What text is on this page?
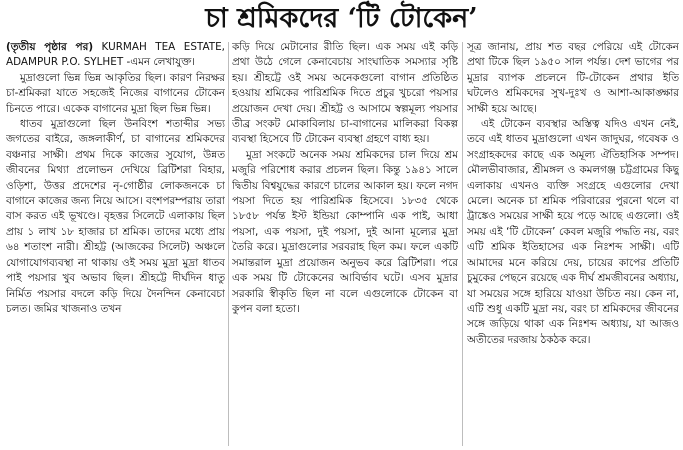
চা শ্রমিকদের ‘টি টোকেন’

(তৃতীয় পৃষ্ঠার পর) KURMAH TEA ESTATE, ADAMPUR P.O. SYLHET -এমন লেখাযুক্ত।

মুদ্রাগুলো ভিন্ন ভিন্ন আকৃতির ছিল। কারণ নিরক্ষর চা-শ্রমিকরা যাতে সহজেই নিজের বাগানের টোকেন চিনতে পারে। একেক বাগানের মুদ্রা ছিল ভিন্ন ভিন্ন।

ধাতব মুদ্রাগুলো ছিল উনবিংশ শতাব্দীর সভ্য জগতের বাইরে, জঙ্গলাকীর্ণ, চা বাগানের শ্রমিকদের বঞ্চনার সাক্ষী। প্রথম দিকে কাজের সুযোগ, উন্নত জীবনের মিথ্যা প্রলোভন দেখিয়ে ব্রিটিশরা বিহার, ওড়িশা, উত্তর প্রদেশের নৃ-গোষ্ঠীর লোকজনকে চা বাগানে কাজের জন্য নিয়ে আসে। বংশপরম্পরায় তারা বাস করত এই ভূখণ্ডে। বৃহত্তর সিলেটে এলাকায় ছিল প্রায় ১ লাখ ১৮ হাজার চা শ্রমিক। তাদের মধ্যে প্রায় ৬৪ শতাংশ নারী। শ্রীহট্ট (আজকের সিলেট) অঞ্চলে যোগাযোগব্যবস্থা না থাকায় ওই সময় মুদ্রা মুদ্রা ধাতব পাই পয়সার খুব অভাব ছিল। শ্রীহট্টে দীর্ঘদিন ধাতু নির্মিত পয়সার বদলে কড়ি দিয়ে দৈনন্দিন কেনাবেচা চলত। জমির খাজনাও তখন

কড়ি দিয়ে মেটানোর রীতি ছিল। এক সময় এই কড়ি প্রথা উঠে গেলে কেনাবেচায় সাংঘাতিক সমস্যার সৃষ্টি হয়। শ্রীহট্টে ওই সময় অনেকগুলো বাগান প্রতিষ্ঠিত হওয়ায় শ্রমিকের পারিশ্রমিক দিতে প্রচুর খুচরো পয়সার প্রয়োজন দেখা দেয়। শ্রীহট্ট ও আসামে স্বল্পমূল্য পয়সার তীব্র সংকট মোকাবিলায় চা-বাগানের মালিকরা বিকল্প ব্যবস্থা হিসেবে টি টোকেন ব্যবস্থা গ্রহণে বাধ্য হয়।

মুদ্রা সংকটে অনেক সময় শ্রমিকদের চাল দিয়ে শ্রম মজুরি পরিশোধ করার প্রচলন ছিল। কিন্তু ১৯৪১ সালে দ্বিতীয় বিশ্বযুদ্ধের কারণে চালের আকাল হয়। ফলে নগদ পয়সা দিতে হয় পারিশ্রমিক হিসেবে। ১৮৩৫ থেকে ১৮৫৮ পর্যন্ত ইস্ট ইন্ডিয়া কোম্পানি এক পাই, আধা পয়সা, এক পয়সা, দুই পয়সা, দুই আনা মূল্যের মুদ্রা তৈরি করে। মুদ্রাগুলোর সরবরাহ ছিল কম। ফলে একটি সমান্তরাল মুদ্রা প্রয়োজন অনুভব করে ব্রিটিশরা। পরে এক সময় টি টোকেনের আবির্ভাব ঘটে। এসব মুদ্রার সরকারি স্বীকৃতি ছিল না বলে এগুলোকে টোকেন বা কুপন বলা হতো।

সূত্র জানায়, প্রায় শত বছর পেরিয়ে এই টোকেন প্রথা টিকে ছিল ১৯৫০ সাল পর্যন্ত। দেশ ভাগের পর মুদ্রার ব্যাপক প্রচলনে টি-টোকেন প্রথার ইতি ঘটলেও শ্রমিকদের সুখ-দুঃখ ও আশা-আকাঙ্ক্ষার সাক্ষী হয়ে আছে।

এই টোকেন ব্যবস্থার অস্তিত্ব যদিও এখন নেই, তবে এই ধাতব মুদ্রাগুলো এখন জাদুঘর, গবেষক ও সংগ্রাহকদের কাছে এক অমূল্য ঐতিহাসিক সম্পদ। মৌলভীবাজার, শ্রীমঙ্গল ও কমলগঞ্জ চট্টগ্রামের কিছু এলাকায় এখনও ব্যক্তি সংগ্রহে এগুলোর দেখা মেলে। অনেক চা শ্রমিক পরিবারের পুরনো থলে বা ট্রাঙ্কেও সময়ের সাক্ষী হয়ে পড়ে আছে এগুলো। ওই সময় এই ‘টি টোকেন’ কেবল মজুরি পদ্ধতি নয়, বরং এটি শ্রমিক ইতিহাসের এক নিঃশব্দ সাক্ষী। এটি আমাদের মনে করিয়ে দেয়, চায়ের কাপের প্রতিটি চুমুকের পেছনে রয়েছে এক দীর্ঘ শ্রমজীবনের অধ্যায়, যা সময়ের সঙ্গে হারিয়ে যাওয়া উচিত নয়। কেন না, এটি শুধু একটি মুদ্রা নয়, বরং চা শ্রমিকদের জীবনের সঙ্গে জড়িয়ে থাকা এক নিঃশব্দ অধ্যায়, যা আজও অতীতের দরজায় ঠকঠক করে।
